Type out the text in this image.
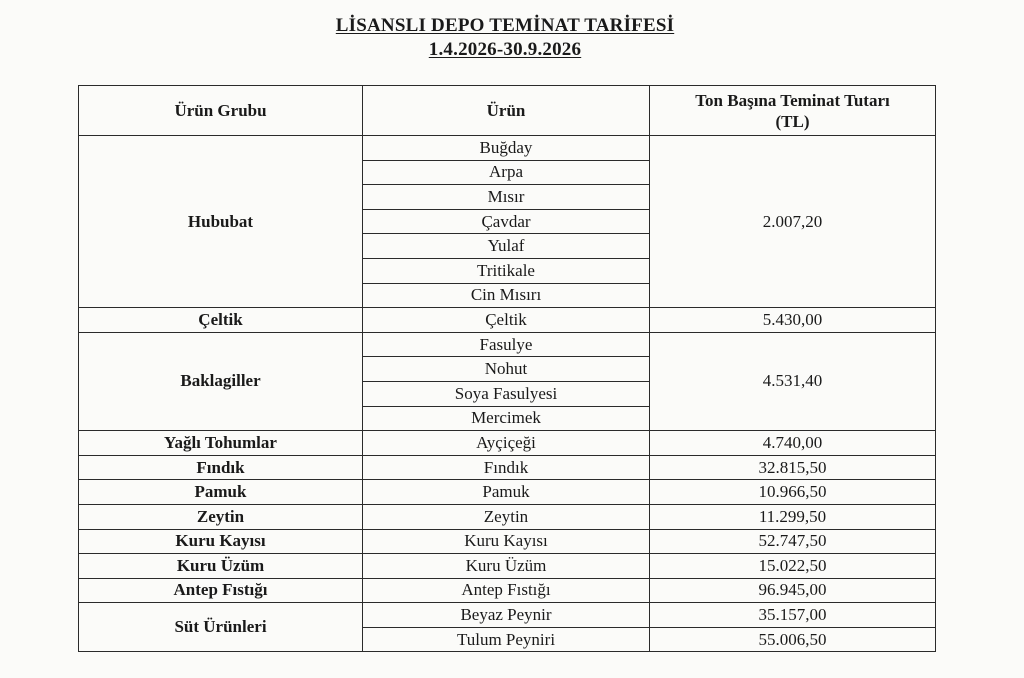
LİSANSLI DEPO TEMİNAT TARİFESİ
1.4.2026-30.9.2026
Ürün Grubu	Ürün	Ton Başına Teminat Tutarı
(TL)
Hububat	Buğday	2.007,20
	Arpa	
	Mısır	
	Çavdar	
	Yulaf	
	Tritikale	
	Cin Mısırı	
Çeltik	Çeltik	5.430,00
Baklagiller	Fasulye	4.531,40
	Nohut	
	Soya Fasulyesi	
	Mercimek	
Yağlı Tohumlar	Ayçiçeği	4.740,00
Fındık	Fındık	32.815,50
Pamuk	Pamuk	10.966,50
Zeytin	Zeytin	11.299,50
Kuru Kayısı	Kuru Kayısı	52.747,50
Kuru Üzüm	Kuru Üzüm	15.022,50
Antep Fıstığı	Antep Fıstığı	96.945,00
Süt Ürünleri	Beyaz Peynir	35.157,00
	Tulum Peyniri	55.006,50
